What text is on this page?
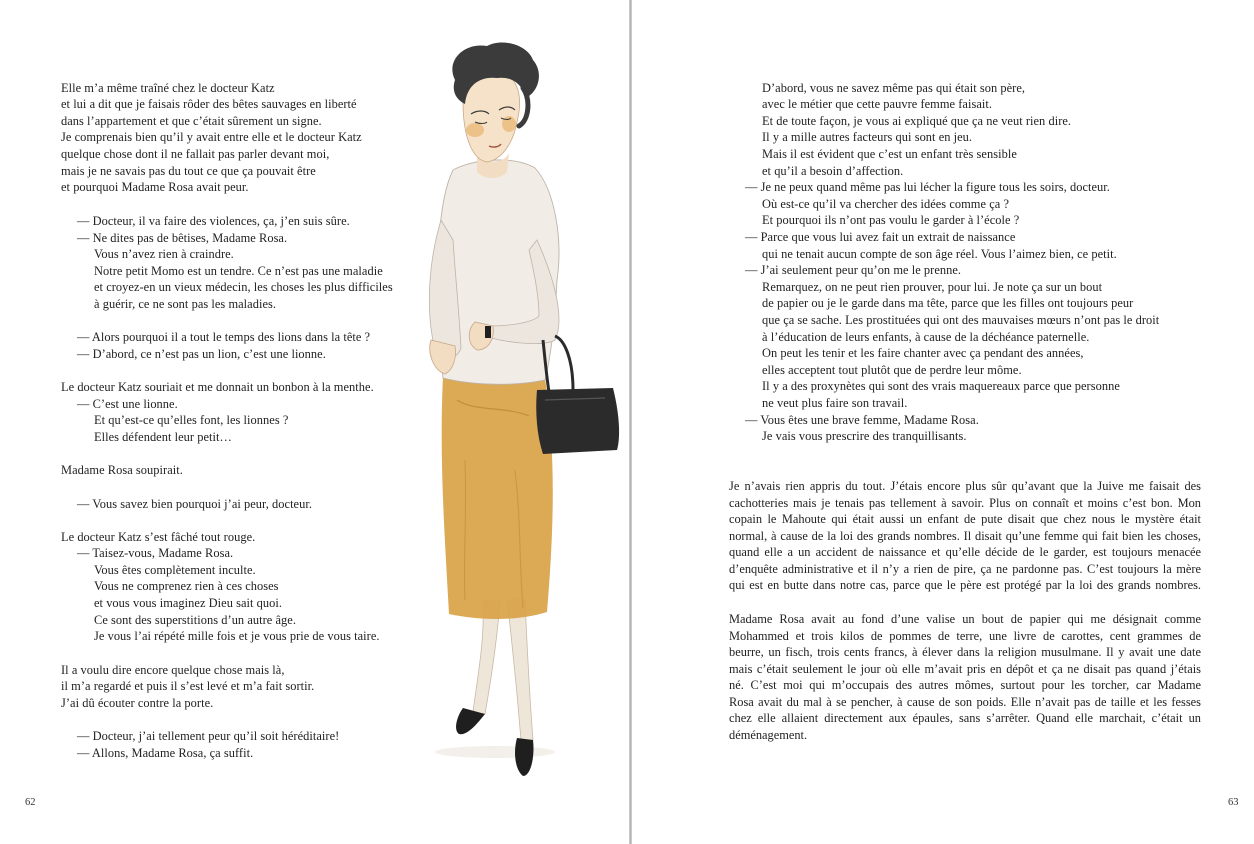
Elle m’a même traîné chez le docteur Katz
et lui a dit que je faisais rôder des bêtes sauvages en liberté
dans l’appartement et que c’était sûrement un signe.
Je comprenais bien qu’il y avait entre elle et le docteur Katz
quelque chose dont il ne fallait pas parler devant moi,
mais je ne savais pas du tout ce que ça pouvait être
et pourquoi Madame Rosa avait peur.
— Docteur, il va faire des violences, ça, j’en suis sûre.
— Ne dites pas de bêtises, Madame Rosa.
Vous n’avez rien à craindre.
Notre petit Momo est un tendre. Ce n’est pas une maladie
et croyez-en un vieux médecin, les choses les plus difficiles
à guérir, ce ne sont pas les maladies.
— Alors pourquoi il a tout le temps des lions dans la tête ?
— D’abord, ce n’est pas un lion, c’est une lionne.
Le docteur Katz souriait et me donnait un bonbon à la menthe.
— C’est une lionne.
Et qu’est-ce qu’elles font, les lionnes ?
Elles défendent leur petit…
Madame Rosa soupirait.
— Vous savez bien pourquoi j’ai peur, docteur.
Le docteur Katz s’est fâché tout rouge.
— Taisez-vous, Madame Rosa.
Vous êtes complètement inculte.
Vous ne comprenez rien à ces choses
et vous vous imaginez Dieu sait quoi.
Ce sont des superstitions d’un autre âge.
Je vous l’ai répété mille fois et je vous prie de vous taire.
Il a voulu dire encore quelque chose mais là,
il m’a regardé et puis il s’est levé et m’a fait sortir.
J’ai dû écouter contre la porte.
— Docteur, j’ai tellement peur qu’il soit héréditaire!
— Allons, Madame Rosa, ça suffit.
62
D’abord, vous ne savez même pas qui était son père,
avec le métier que cette pauvre femme faisait.
Et de toute façon, je vous ai expliqué que ça ne veut rien dire.
Il y a mille autres facteurs qui sont en jeu.
Mais il est évident que c’est un enfant très sensible
et qu’il a besoin d’affection.
— Je ne peux quand même pas lui lécher la figure tous les soirs, docteur.
Où est-ce qu’il va chercher des idées comme ça ?
Et pourquoi ils n’ont pas voulu le garder à l’école ?
— Parce que vous lui avez fait un extrait de naissance
qui ne tenait aucun compte de son âge réel. Vous l’aimez bien, ce petit.
— J’ai seulement peur qu’on me le prenne.
Remarquez, on ne peut rien prouver, pour lui. Je note ça sur un bout
de papier ou je le garde dans ma tête, parce que les filles ont toujours peur
que ça se sache. Les prostituées qui ont des mauvaises mœurs n’ont pas le droit
à l’éducation de leurs enfants, à cause de la déchéance paternelle.
On peut les tenir et les faire chanter avec ça pendant des années,
elles acceptent tout plutôt que de perdre leur môme.
Il y a des proxynètes qui sont des vrais maquereaux parce que personne
ne veut plus faire son travail.
— Vous êtes une brave femme, Madame Rosa.
Je vais vous prescrire des tranquillisants.
63
Je n’avais rien appris du tout. J’étais encore plus sûr qu’avant que la Juive me faisait des
cachotteries mais je tenais pas tellement à savoir. Plus on connaît et moins c’est bon. Mon
copain le Mahoute qui était aussi un enfant de pute disait que chez nous le mystère était
normal, à cause de la loi des grands nombres. Il disait qu’une femme qui fait bien les choses,
quand elle a un accident de naissance et qu’elle décide de le garder, est toujours menacée
d’enquête administrative et il n’y a rien de pire, ça ne pardonne pas. C’est toujours la mère
qui est en butte dans notre cas, parce que le père est protégé par la loi des grands nombres.
Madame Rosa avait au fond d’une valise un bout de papier qui me désignait comme
Mohammed et trois kilos de pommes de terre, une livre de carottes, cent grammes de
beurre, un fisch, trois cents francs, à élever dans la religion musulmane. Il y avait une date
mais c’était seulement le jour où elle m’avait pris en dépôt et ça ne disait pas quand j’étais
né. C’est moi qui m’occupais des autres mômes, surtout pour les torcher, car Madame
Rosa avait du mal à se pencher, à cause de son poids. Elle n’avait pas de taille et les fesses
chez elle allaient directement aux épaules, sans s’arrêter. Quand elle marchait, c’était un
déménagement.
